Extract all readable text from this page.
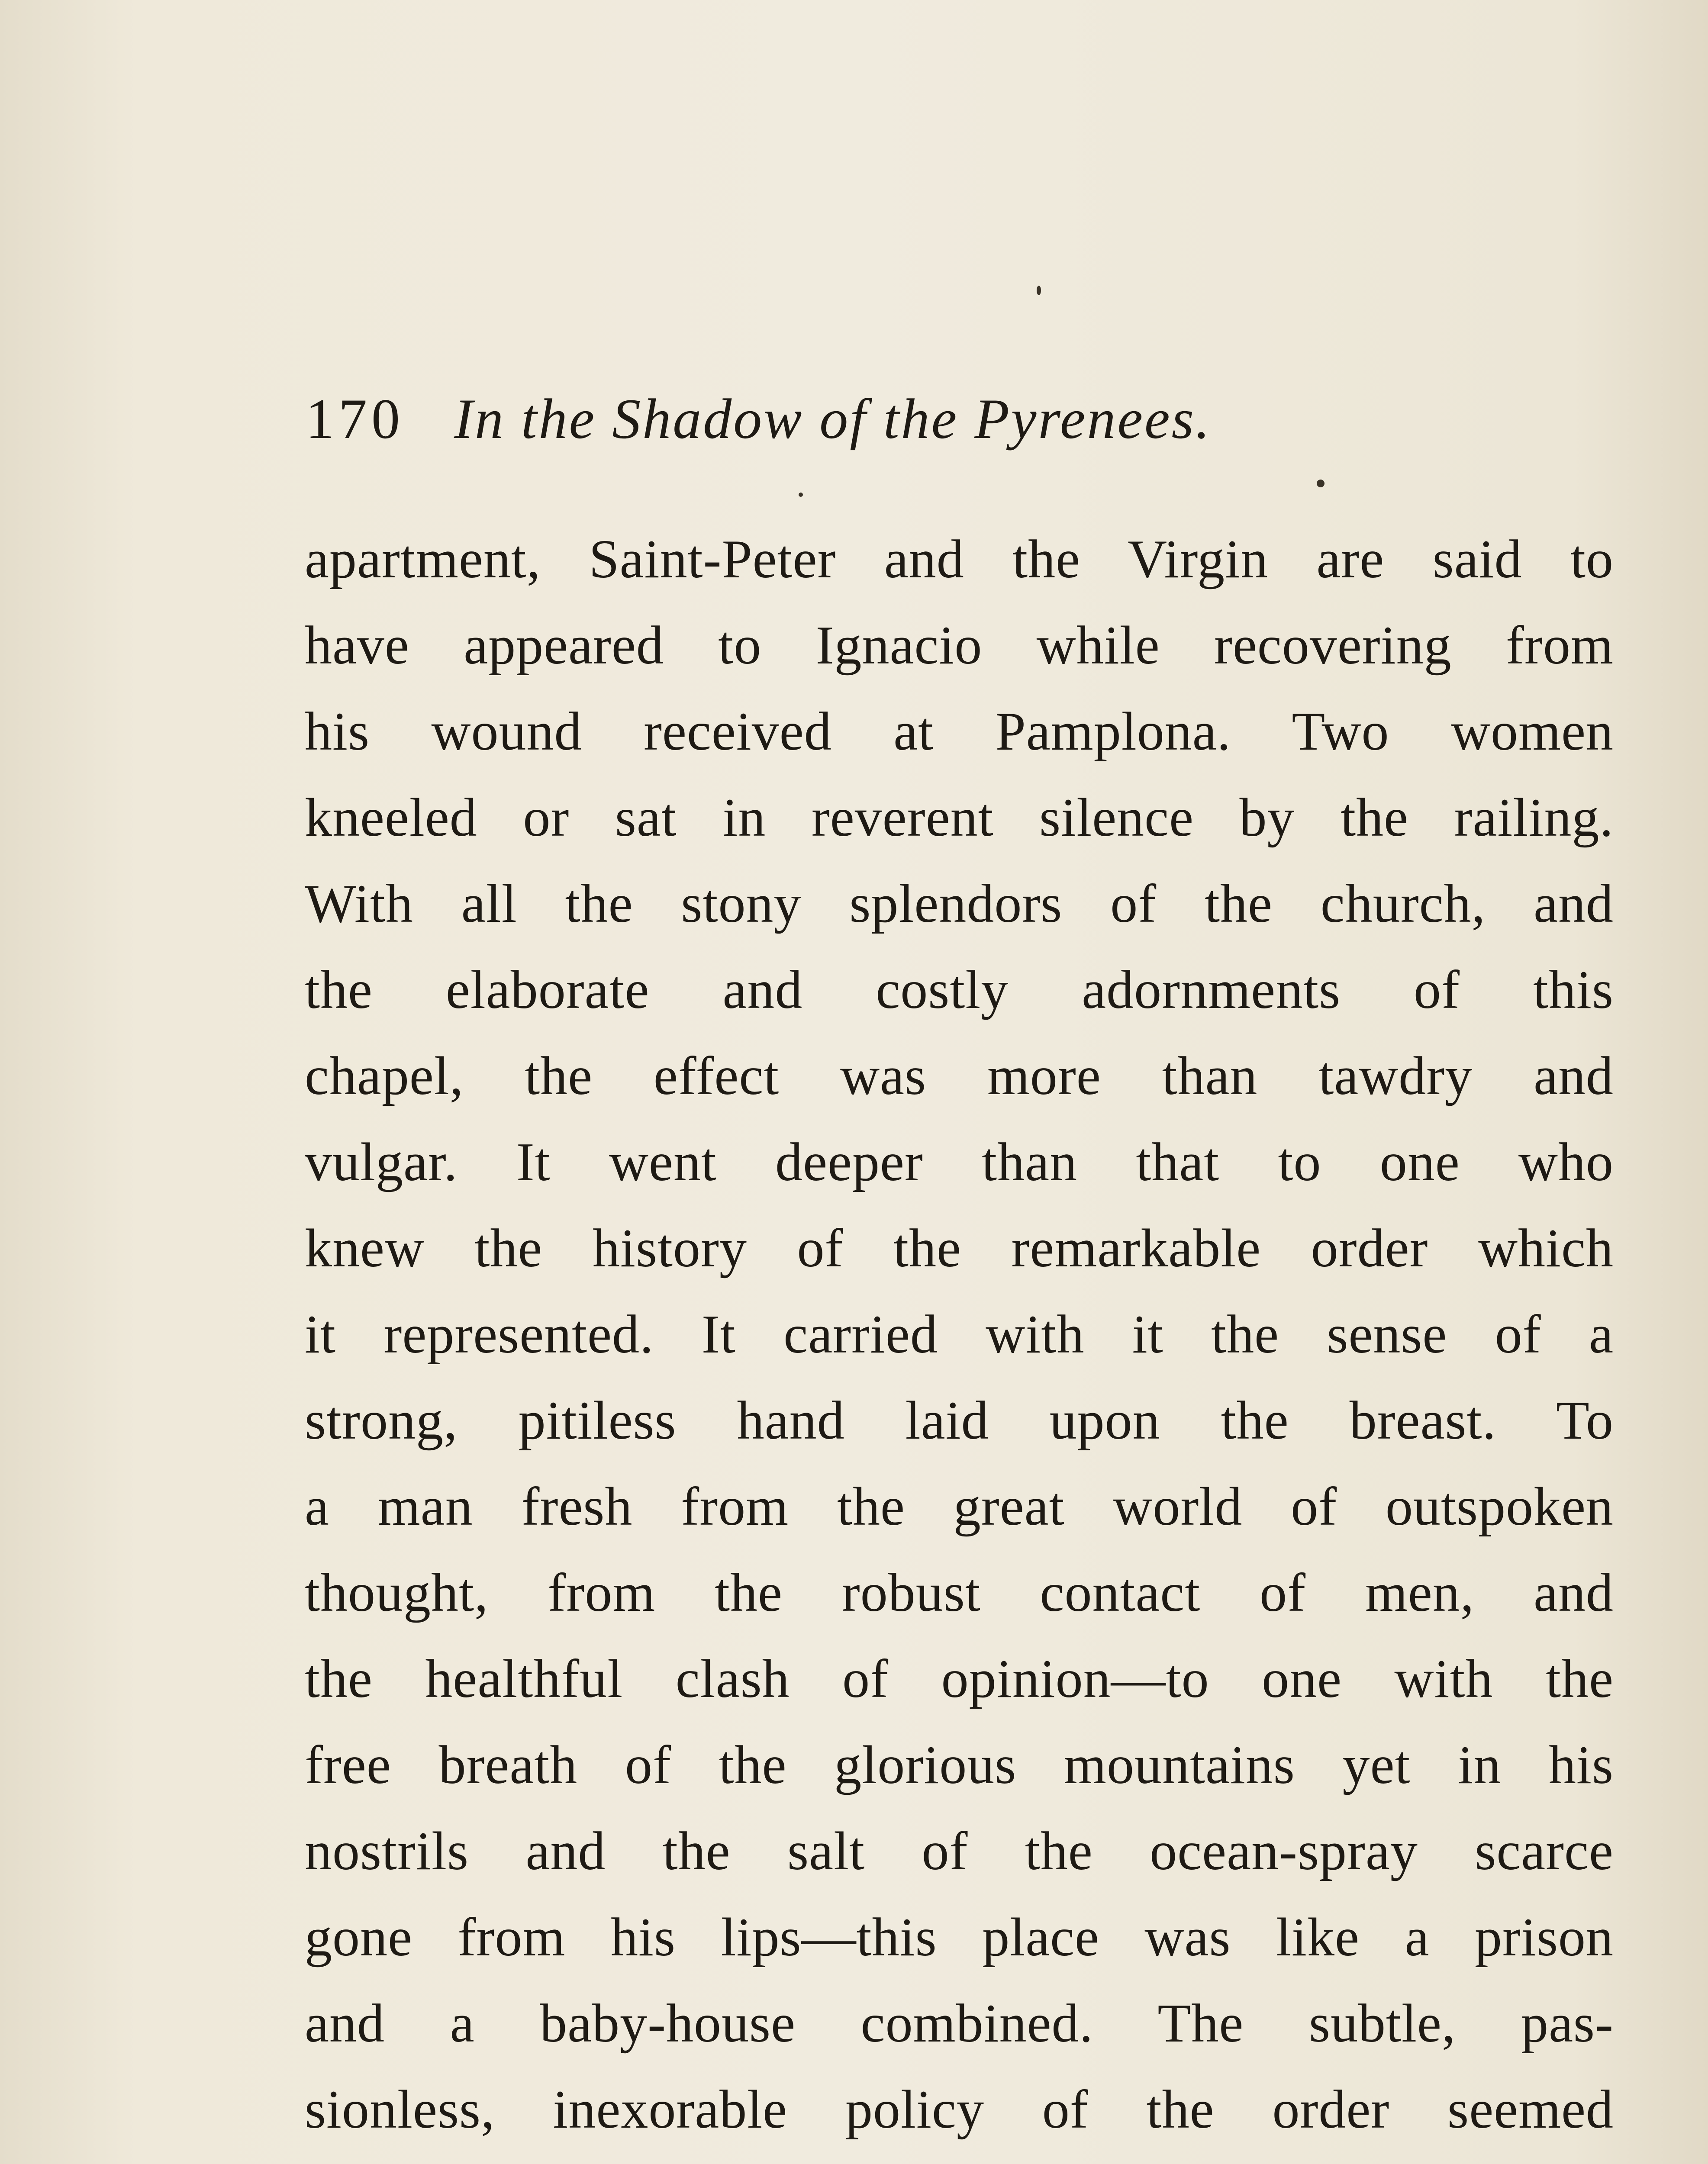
170 In the Shadow of the Pyrenees.
apartment, Saint-Peter and the Virgin are said to
have appeared to Ignacio while recovering from
his wound received at Pamplona. Two women
kneeled or sat in reverent silence by the railing.
With all the stony splendors of the church, and
the elaborate and costly adornments of this
chapel, the effect was more than tawdry and
vulgar. It went deeper than that to one who
knew the history of the remarkable order which
it represented. It carried with it the sense of a
strong, pitiless hand laid upon the breast. To
a man fresh from the great world of outspoken
thought, from the robust contact of men, and
the healthful clash of opinion—to one with the
free breath of the glorious mountains yet in his
nostrils and the salt of the ocean-spray scarce
gone from his lips—this place was like a prison
and a baby-house combined. The subtle, pas-
sionless, inexorable policy of the order seemed
